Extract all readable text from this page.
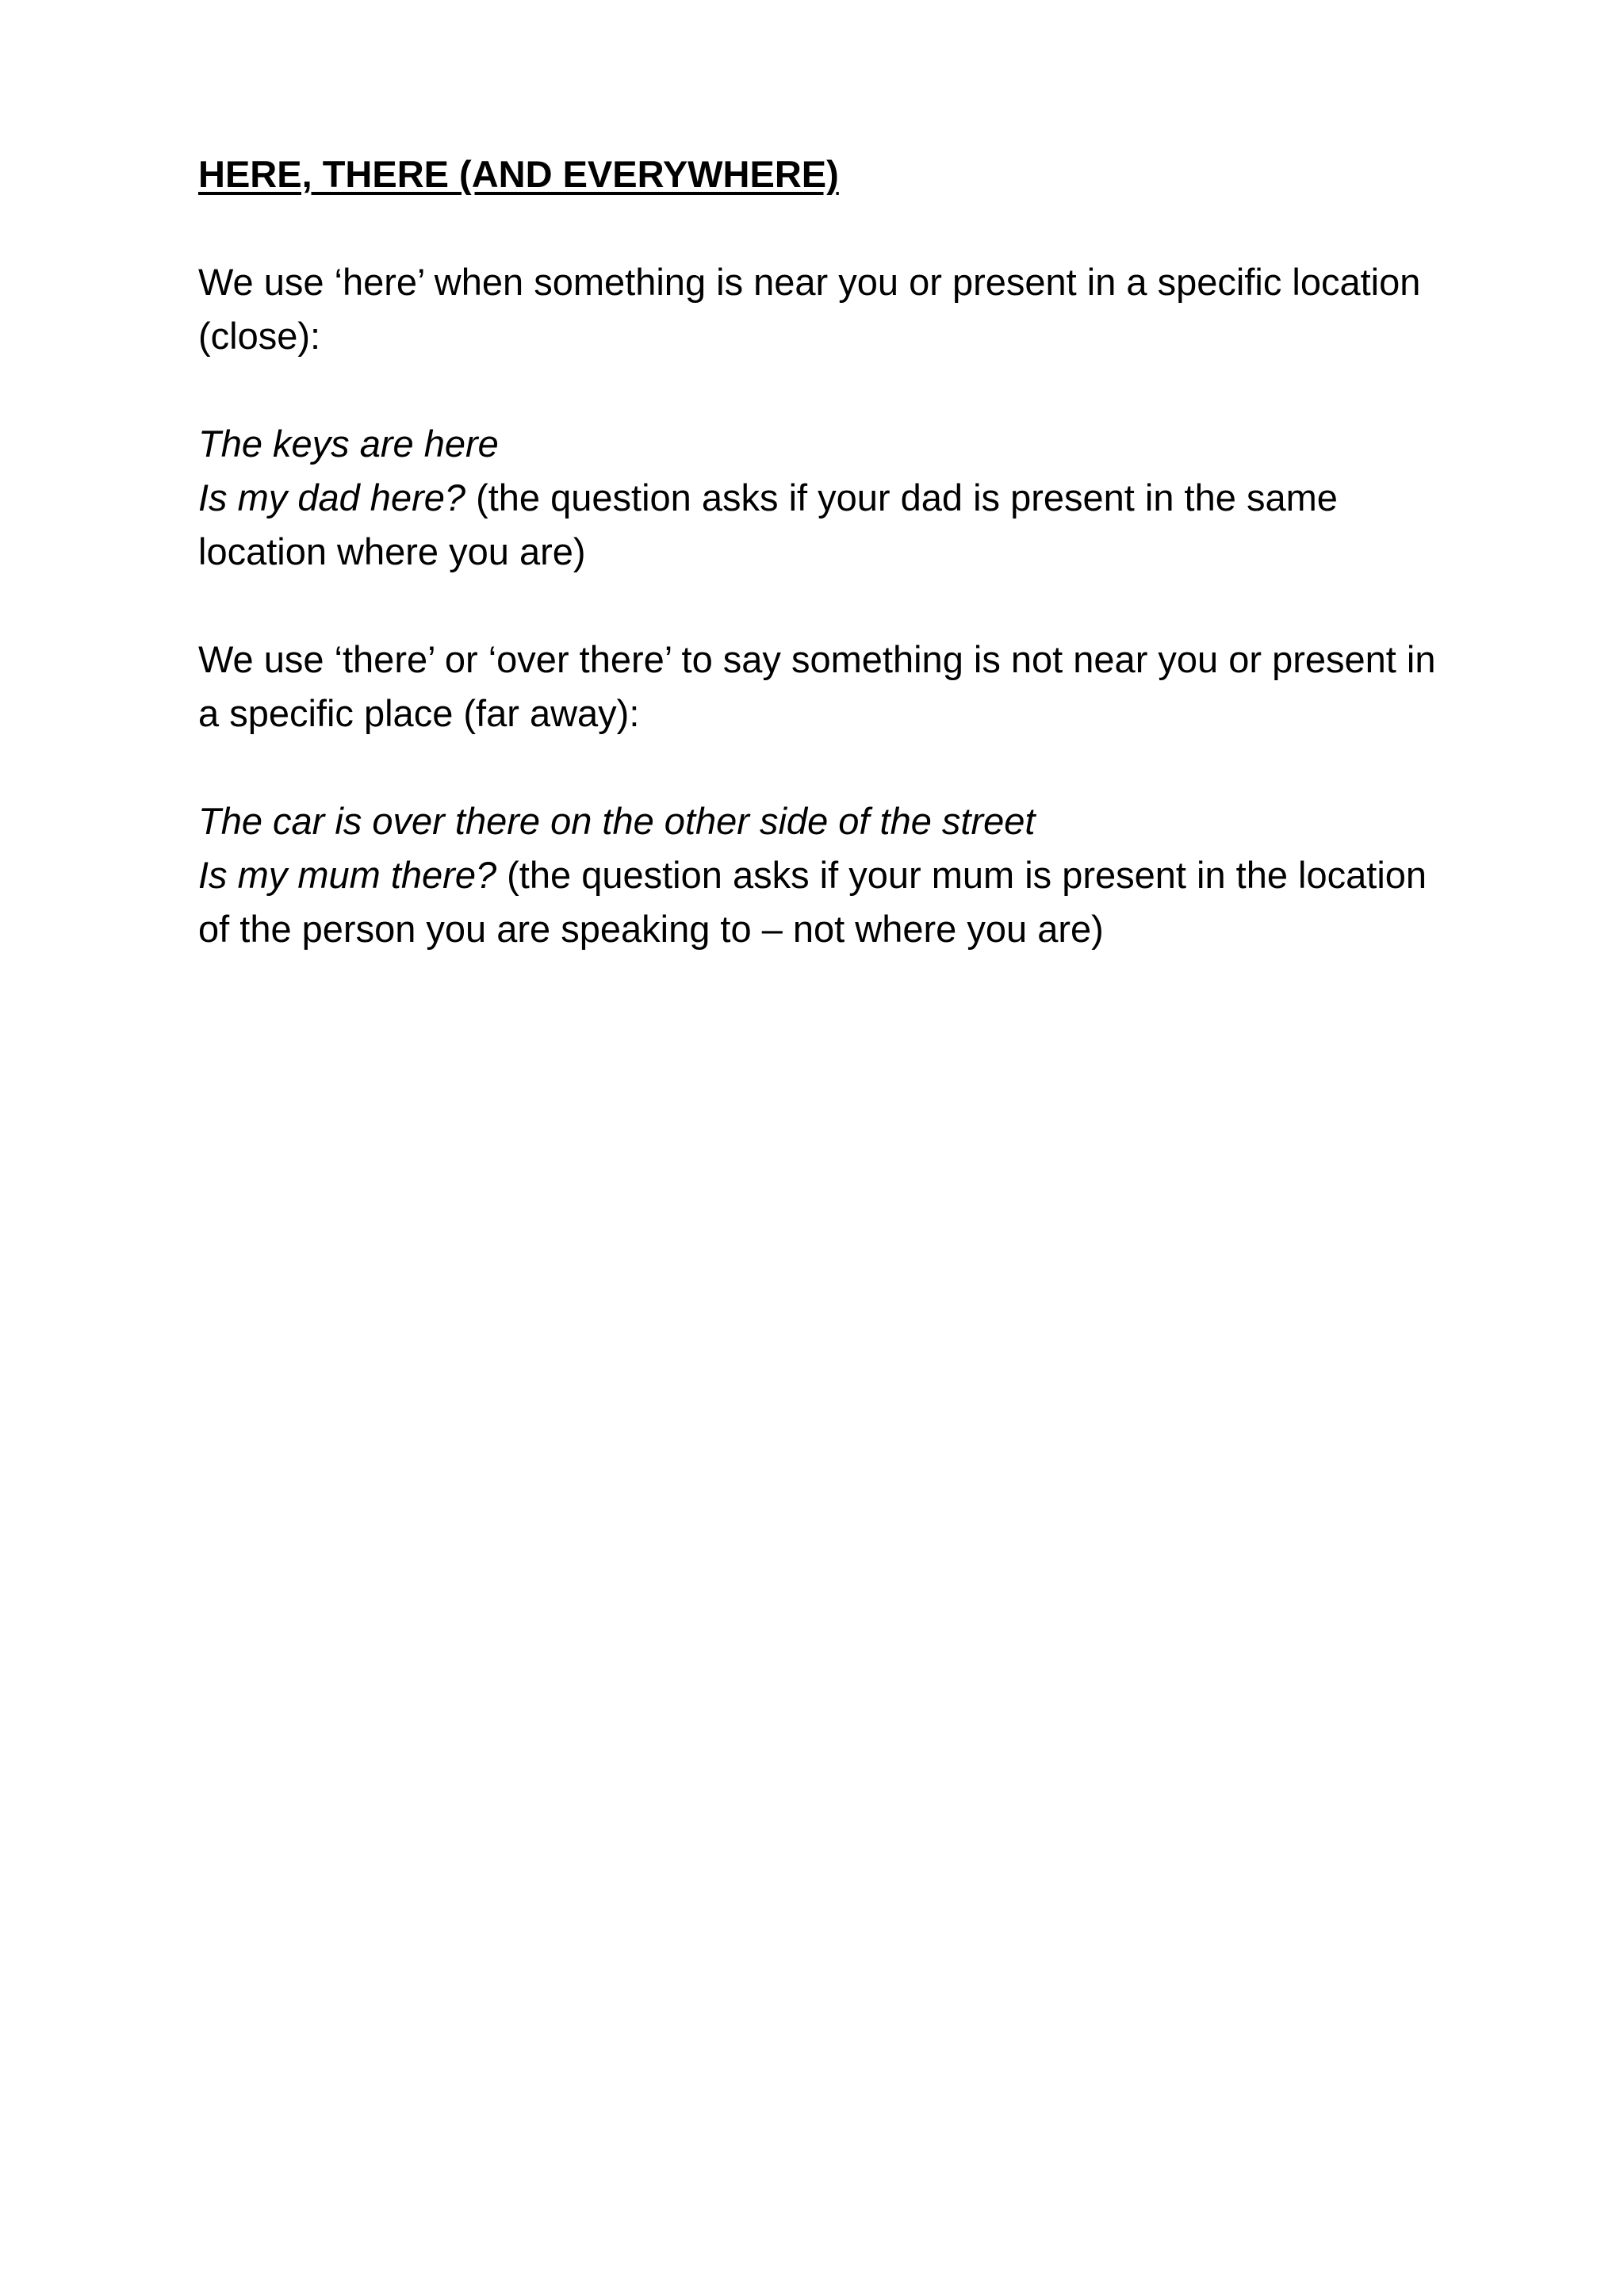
HERE, THERE (AND EVERYWHERE)

We use ‘here’ when something is near you or present in a specific location (close):

The keys are here

Is my dad here? (the question asks if your dad is present in the same location where you are)

We use ‘there’ or ‘over there’ to say something is not near you or present in a specific place (far away):

The car is over there on the other side of the street

Is my mum there? (the question asks if your mum is present in the location of the person you are speaking to – not where you are)
